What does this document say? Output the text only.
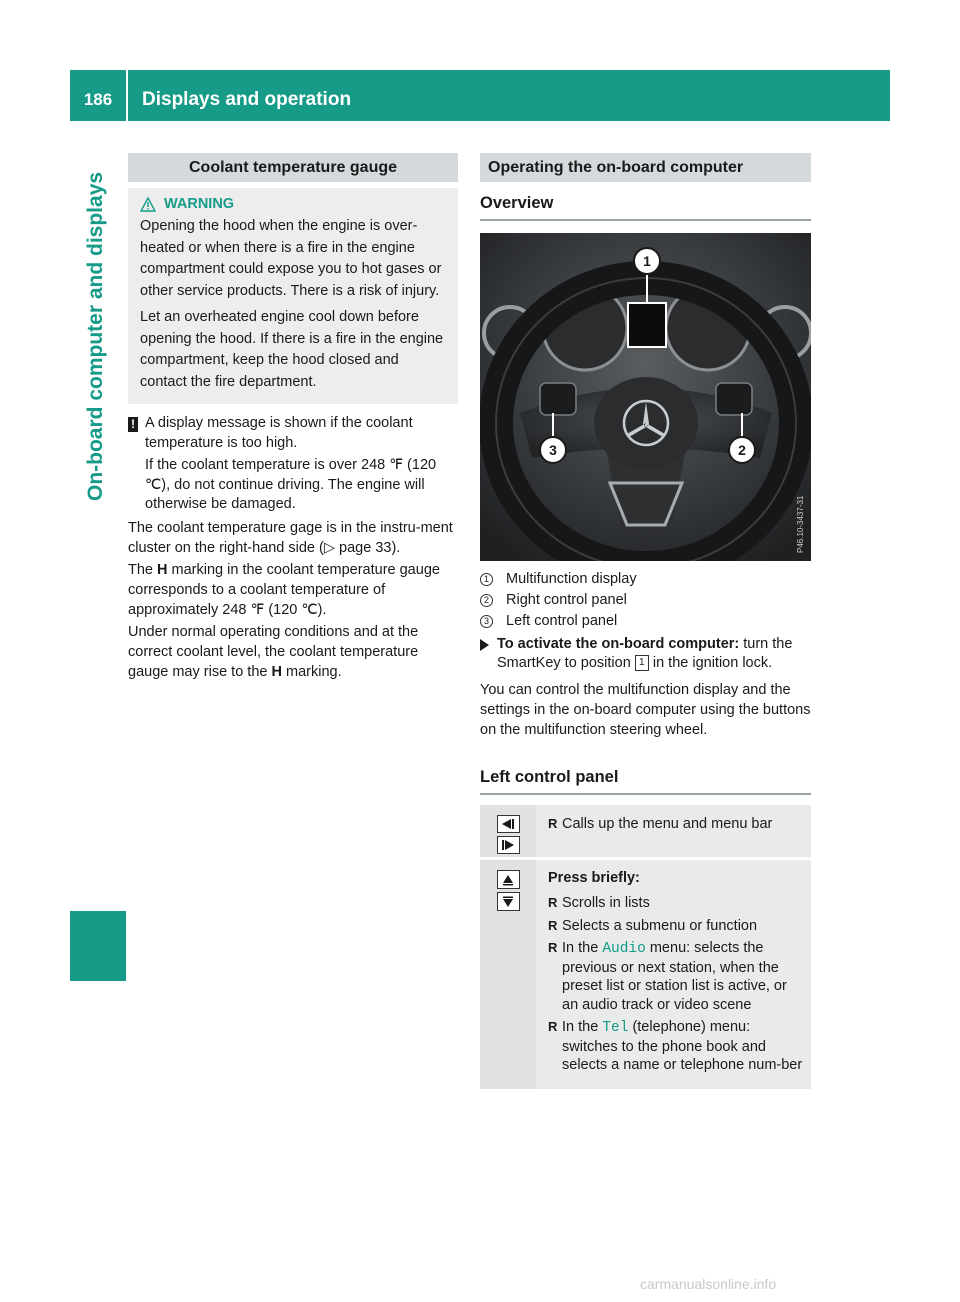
186	Displays and operation
On-board computer and displays
Coolant temperature gauge
WARNING

Opening the hood when the engine is over-heated or when there is a fire in the engine compartment could expose you to hot gases or other service products. There is a risk of injury.

Let an overheated engine cool down before opening the hood. If there is a fire in the engine compartment, keep the hood closed and contact the fire department.

! A display message is shown if the coolant temperature is too high.

If the coolant temperature is over 248 ℉ (120 ℃), do not continue driving. The engine will otherwise be damaged.

The coolant temperature gage is in the instru-ment cluster on the right-hand side (▷ page 33).

The H marking in the coolant temperature gauge corresponds to a coolant temperature of approximately 248 ℉ (120 ℃).

Under normal operating conditions and at the correct coolant level, the coolant temperature gauge may rise to the H marking.

Operating the on-board computer
Overview
1
2
3
P46.10-3437-31
1 Multifunction display
2 Right control panel
3 Left control panel
To activate the on-board computer: turn the SmartKey to position 1 in the ignition lock.

You can control the multifunction display and the settings in the on-board computer using the buttons on the multifunction steering wheel.

Left control panel
R Calls up the menu and menu bar
Press briefly:
R Scrolls in lists
R Selects a submenu or function
R In the Audio menu: selects the previous or next station, when the preset list or station list is active, or an audio track or video scene
R In the Tel (telephone) menu: switches to the phone book and selects a name or telephone num-ber
carmanualsonline.info
